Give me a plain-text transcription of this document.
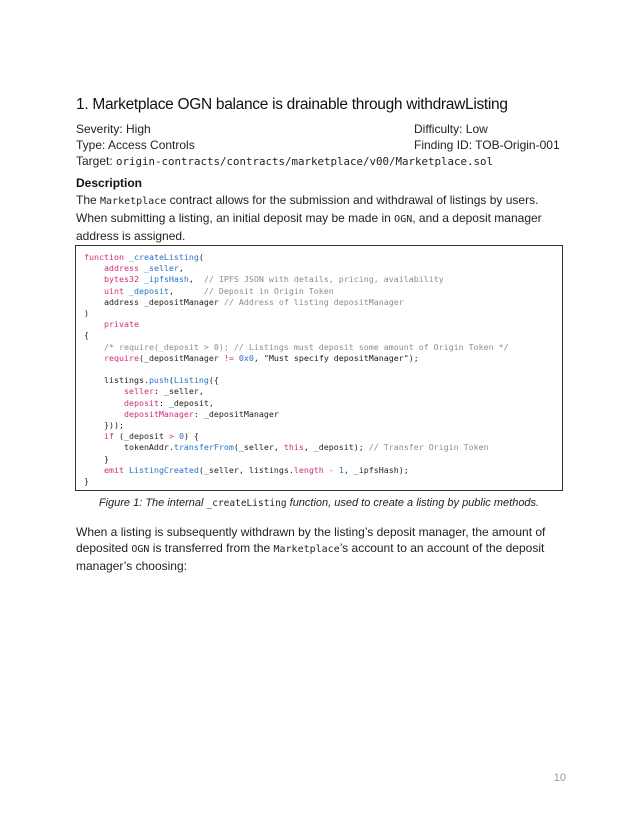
1. Marketplace OGN balance is drainable through withdrawListing
Severity: High	Difficulty: Low
Type: Access Controls	Finding ID: TOB-Origin-001
Target: origin-contracts/contracts/marketplace/v00/Marketplace.sol
Description
The Marketplace contract allows for the submission and withdrawal of listings by users. When submitting a listing, an initial deposit may be made in OGN, and a deposit manager address is assigned.
function _createListing(
address _seller,
bytes32 _ipfsHash,  // IPFS JSON with details, pricing, availability
uint _deposit,      // Deposit in Origin Token
address _depositManager // Address of listing depositManager
)
private
{
/* require(_deposit > 0); // Listings must deposit some amount of Origin Token */
require(_depositManager != 0x0, "Must specify depositManager");

listings.push(Listing({
seller: _seller,
deposit: _deposit,
depositManager: _depositManager
}));
if (_deposit > 0) {
tokenAddr.transferFrom(_seller, this, _deposit); // Transfer Origin Token
}
emit ListingCreated(_seller, listings.length - 1, _ipfsHash);
}
Figure 1: The internal _createListing function, used to create a listing by public methods.
When a listing is subsequently withdrawn by the listing’s deposit manager, the amount of deposited OGN is transferred from the Marketplace’s account to an account of the deposit manager’s choosing:
10
